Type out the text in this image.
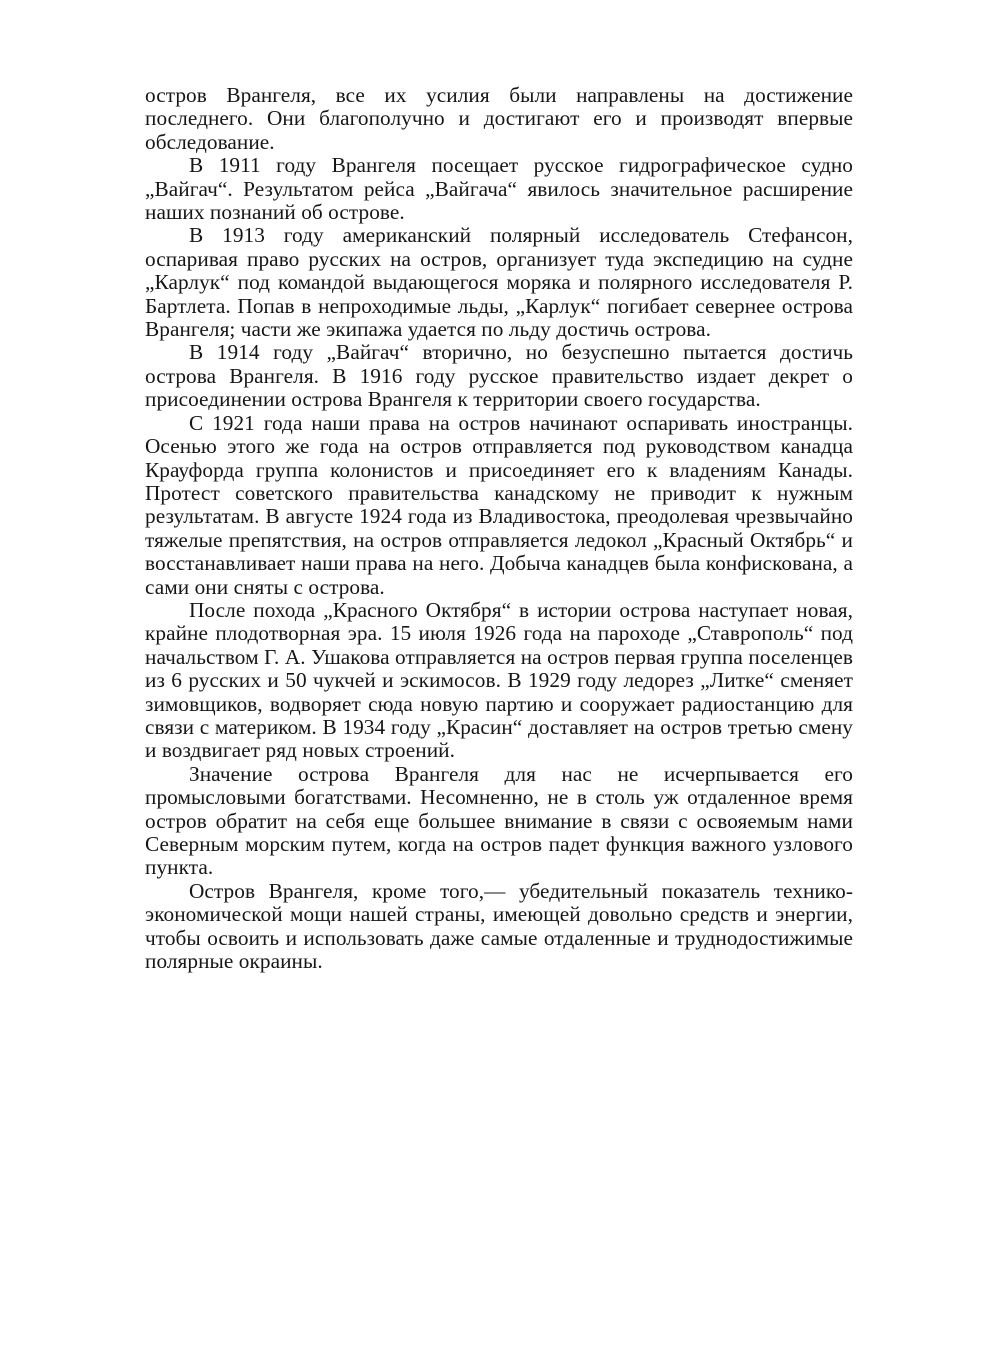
остров Врангеля, все их усилия были направлены на достижение последнего. Они благополучно и достигают его и производят впервые обследование.

В 1911 году Врангеля посещает русское гидрографическое судно „Вайгач“. Результатом рейса „Вайгача“ явилось значительное расширение наших познаний об острове.

В 1913 году американский полярный исследователь Стефансон, оспаривая право русских на остров, организует туда экспедицию на судне „Карлук“ под командой выдающегося моряка и полярного исследователя Р. Бартлета. Попав в непроходимые льды, „Карлук“ погибает севернее острова Врангеля; части же экипажа удается по льду достичь острова.

В 1914 году „Вайгач“ вторично, но безуспешно пытается достичь острова Врангеля. В 1916 году русское правительство издает декрет о присоединении острова Врангеля к территории своего государства.

С 1921 года наши права на остров начинают оспаривать иностранцы. Осенью этого же года на остров отправляется под руководством канадца Крауфорда группа колонистов и присоединяет его к владениям Канады. Протест советского правительства канадскому не приводит к нужным результатам. В августе 1924 года из Владивостока, преодолевая чрезвычайно тяжелые препятствия, на остров отправляется ледокол „Красный Октябрь“ и восстанавливает наши права на него. Добыча канадцев была конфискована, а сами они сняты с острова.

После похода „Красного Октября“ в истории острова наступает новая, крайне плодотворная эра. 15 июля 1926 года на пароходе „Ставрополь“ под начальством Г. А. Ушакова отправляется на остров первая группа поселенцев из 6 русских и 50 чукчей и эскимосов. В 1929 году ледорез „Литке“ сменяет зимовщиков, водворяет сюда новую партию и сооружает радиостанцию для связи с материком. В 1934 году „Красин“ доставляет на остров третью смену и воздвигает ряд новых строений.

Значение острова Врангеля для нас не исчерпывается его промысловыми богатствами. Несомненно, не в столь уж отдаленное время остров обратит на себя еще большее внимание в связи с освояемым нами Северным морским путем, когда на остров падет функция важного узлового пункта.

Остров Врангеля, кроме того,— убедительный показатель технико-экономической мощи нашей страны, имеющей довольно средств и энергии, чтобы освоить и использовать даже самые отдаленные и труднодостижимые полярные окраины.
